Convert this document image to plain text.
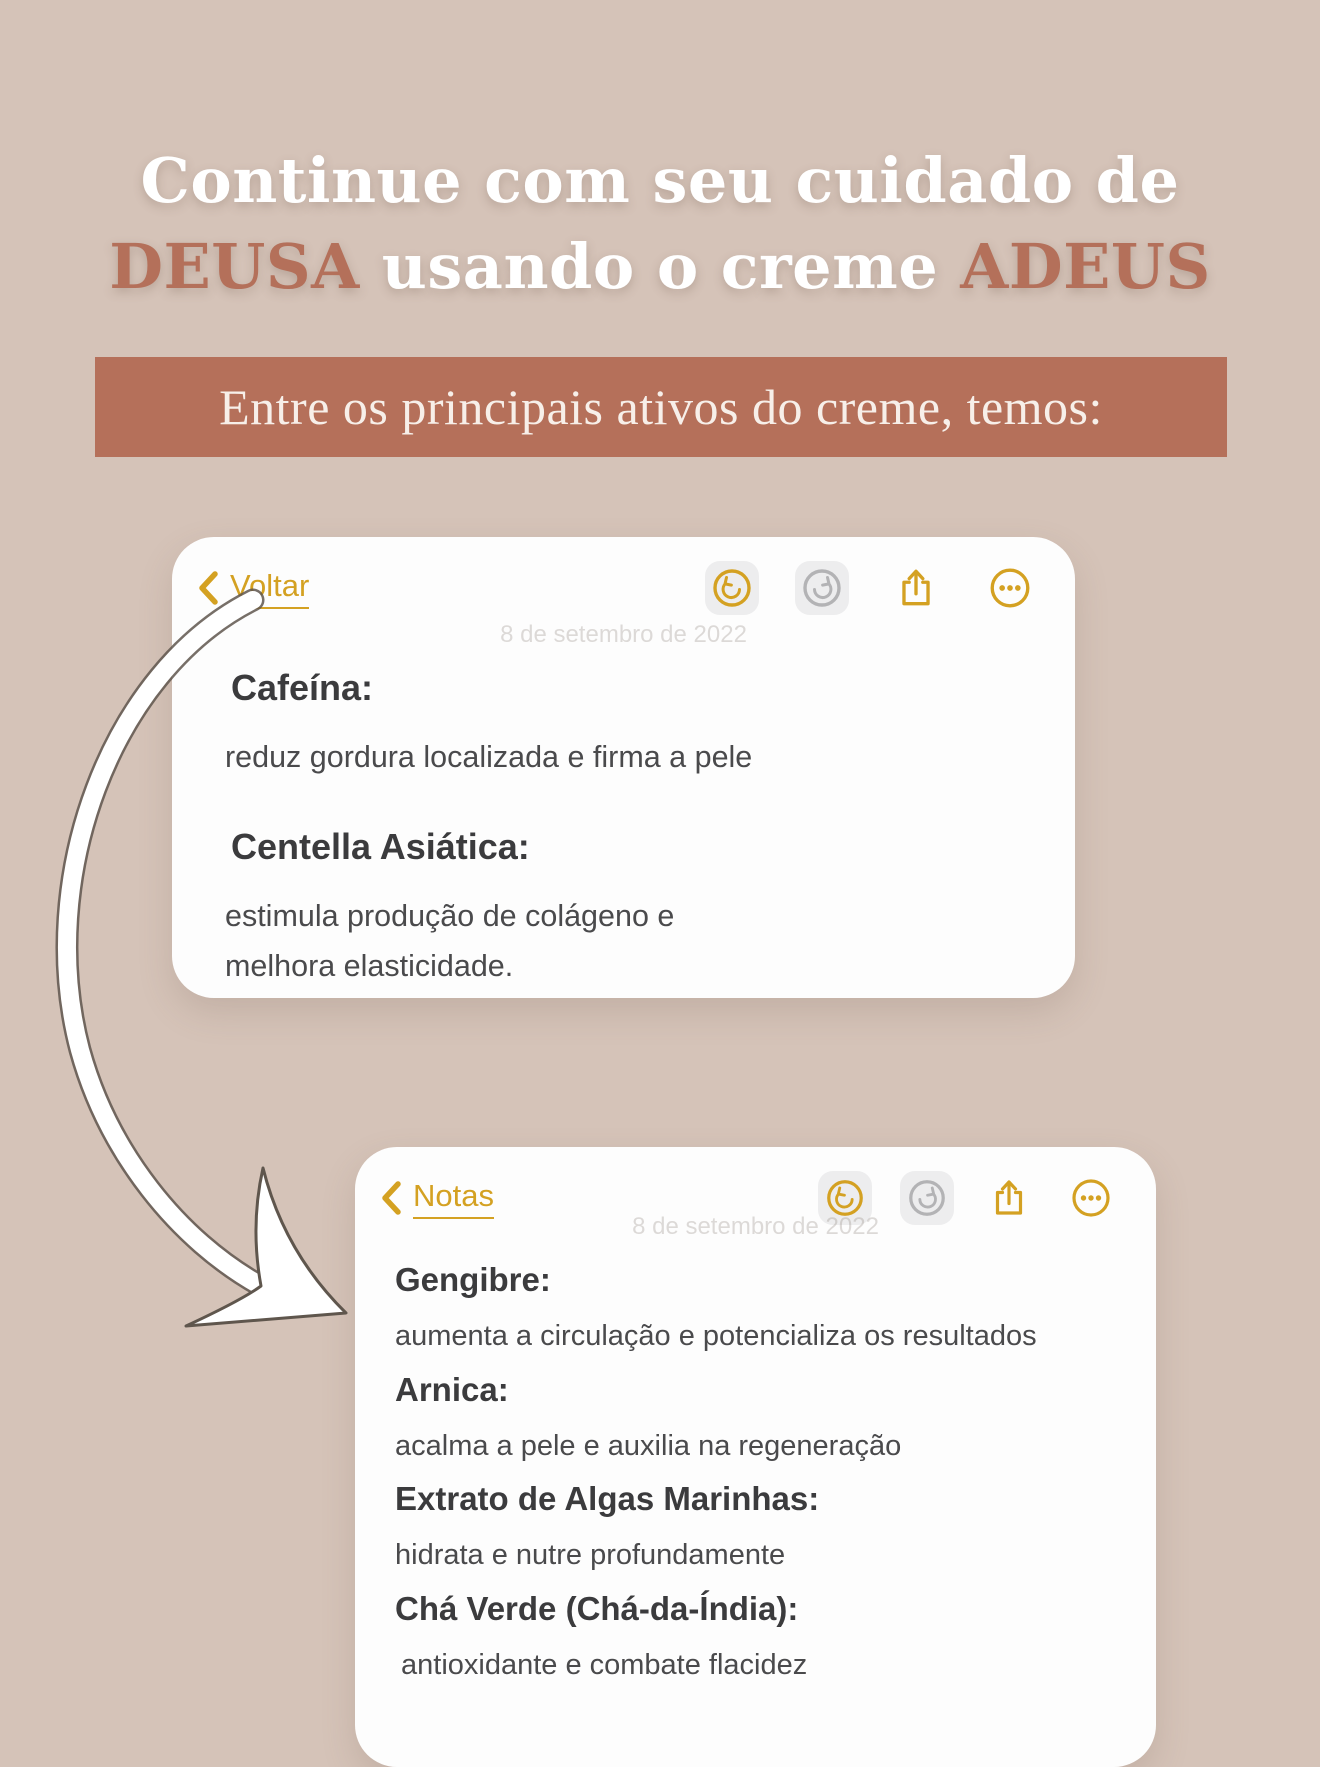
Continue com seu cuidado de
DEUSA usando o creme ADEUS
Entre os principais ativos do creme, temos:
Voltar
8 de setembro de 2022

Cafeína:

reduz gordura localizada e firma a pele

Centella Asiática:

estimula produção de colágeno e

melhora elasticidade.

Notas
8 de setembro de 2022

Gengibre:

aumenta a circulação e potencializa os resultados

Arnica:

acalma a pele e auxilia na regeneração

Extrato de Algas Marinhas:

hidrata e nutre profundamente

Chá Verde (Chá-da-Índia):

antioxidante e combate flacidez
